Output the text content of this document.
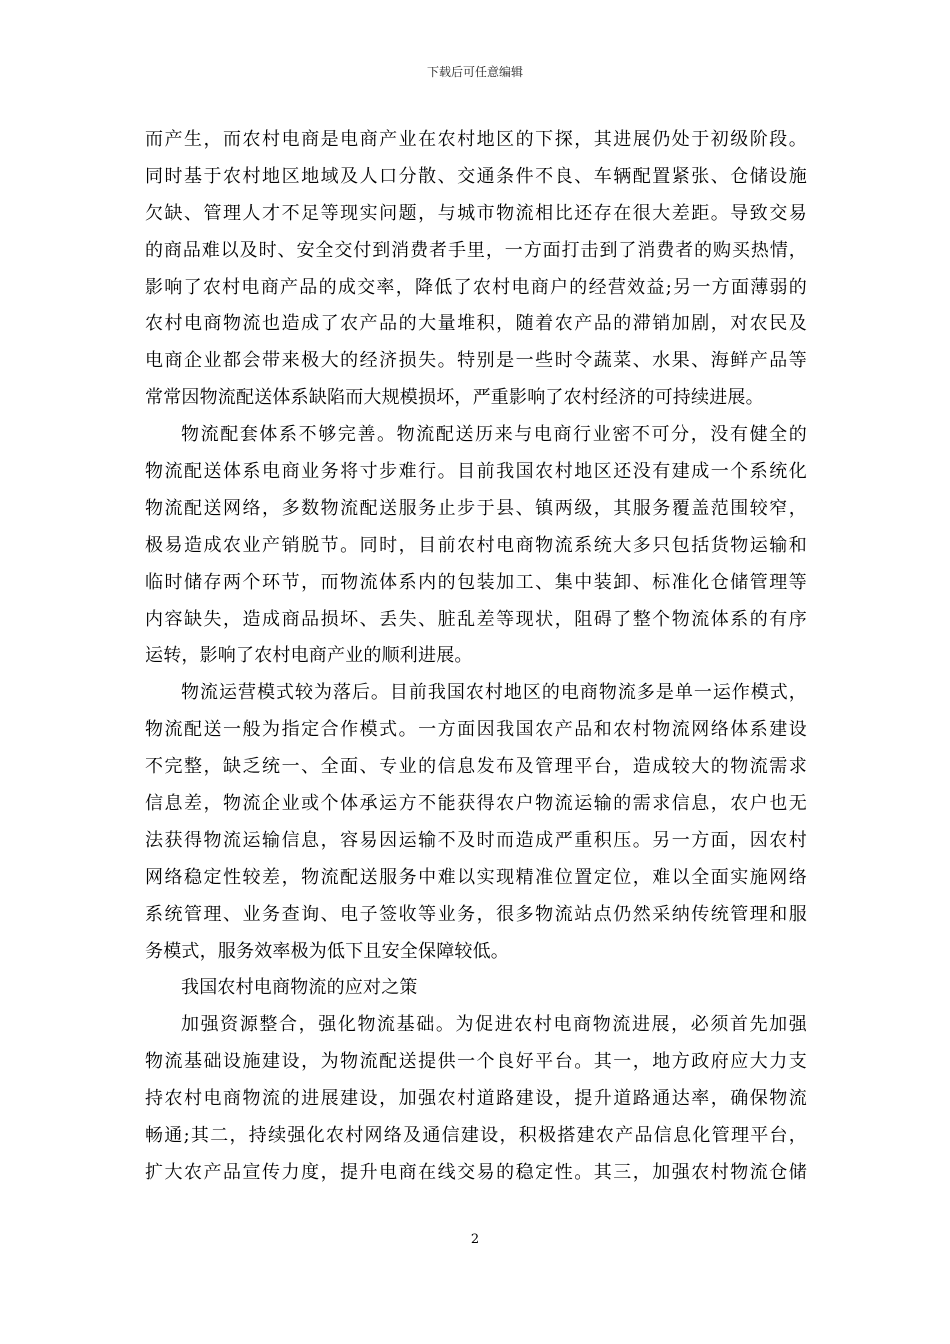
下载后可任意编辑
而产生，而农村电商是电商产业在农村地区的下探，其进展仍处于初级阶段。
同时基于农村地区地域及人口分散、交通条件不良、车辆配置紧张、仓储设施
欠缺、管理人才不足等现实问题，与城市物流相比还存在很大差距。导致交易
的商品难以及时、安全交付到消费者手里，一方面打击到了消费者的购买热情，
影响了农村电商产品的成交率，降低了农村电商户的经营效益;另一方面薄弱的
农村电商物流也造成了农产品的大量堆积，随着农产品的滞销加剧，对农民及
电商企业都会带来极大的经济损失。特别是一些时令蔬菜、水果、海鲜产品等
常常因物流配送体系缺陷而大规模损坏，严重影响了农村经济的可持续进展。
物流配套体系不够完善。物流配送历来与电商行业密不可分，没有健全的
物流配送体系电商业务将寸步难行。目前我国农村地区还没有建成一个系统化
物流配送网络，多数物流配送服务止步于县、镇两级，其服务覆盖范围较窄，
极易造成农业产销脱节。同时，目前农村电商物流系统大多只包括货物运输和
临时储存两个环节，而物流体系内的包装加工、集中装卸、标准化仓储管理等
内容缺失，造成商品损坏、丢失、脏乱差等现状，阻碍了整个物流体系的有序
运转，影响了农村电商产业的顺利进展。
物流运营模式较为落后。目前我国农村地区的电商物流多是单一运作模式，
物流配送一般为指定合作模式。一方面因我国农产品和农村物流网络体系建设
不完整，缺乏统一、全面、专业的信息发布及管理平台，造成较大的物流需求
信息差，物流企业或个体承运方不能获得农户物流运输的需求信息，农户也无
法获得物流运输信息，容易因运输不及时而造成严重积压。另一方面，因农村
网络稳定性较差，物流配送服务中难以实现精准位置定位，难以全面实施网络
系统管理、业务查询、电子签收等业务，很多物流站点仍然采纳传统管理和服
务模式，服务效率极为低下且安全保障较低。
我国农村电商物流的应对之策
加强资源整合，强化物流基础。为促进农村电商物流进展，必须首先加强
物流基础设施建设，为物流配送提供一个良好平台。其一，地方政府应大力支
持农村电商物流的进展建设，加强农村道路建设，提升道路通达率，确保物流
畅通;其二，持续强化农村网络及通信建设，积极搭建农产品信息化管理平台，
扩大农产品宣传力度，提升电商在线交易的稳定性。其三，加强农村物流仓储
2
